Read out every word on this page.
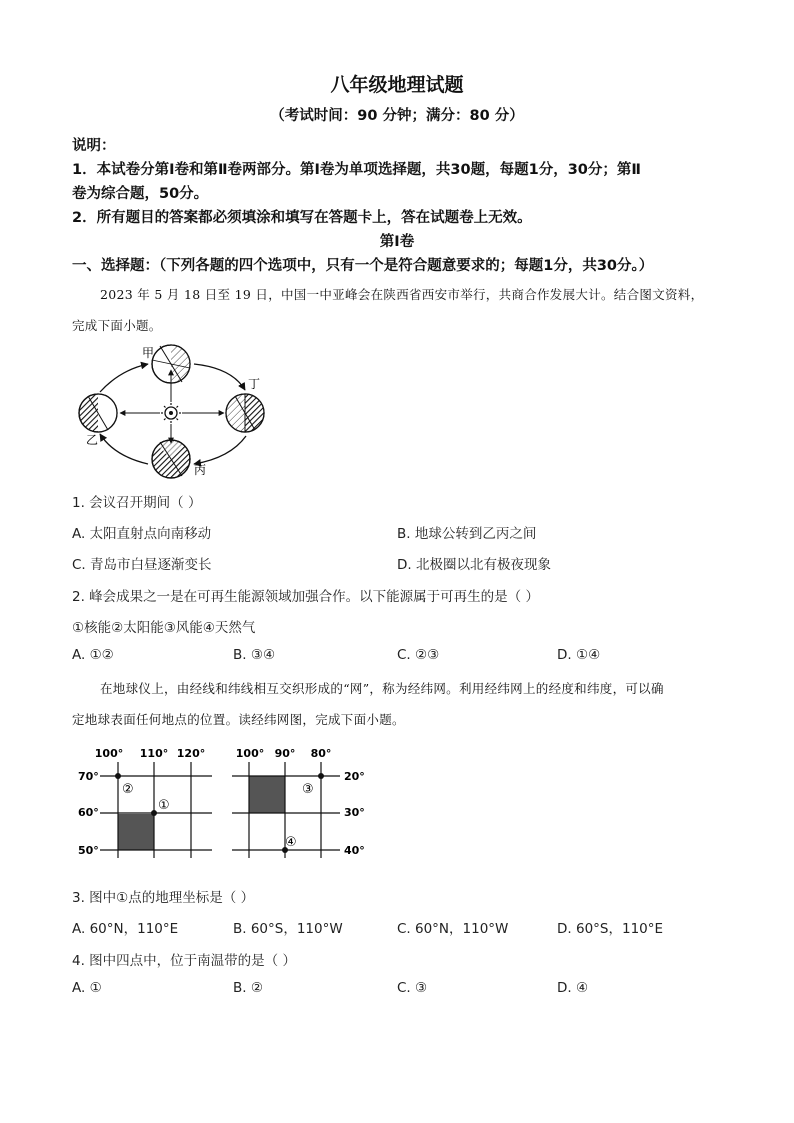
八年级地理试题
（考试时间：90 分钟；满分：80 分）
说明：
1．本试卷分第Ⅰ卷和第Ⅱ卷两部分。第Ⅰ卷为单项选择题，共30题，每题1分，30分；第Ⅱ
卷为综合题，50分。
2．所有题目的答案都必须填涂和填写在答题卡上，答在试题卷上无效。
第Ⅰ卷
一、选择题：（下列各题的四个选项中，只有一个是符合题意要求的；每题1分，共30分。）
2023 年 5 月 18 日至 19 日，中国一中亚峰会在陕西省西安市举行，共商合作发展大计。结合图文资料，
完成下面小题。
甲
乙
丙
丁
1. 会议召开期间（ ）
A. 太阳直射点向南移动	B. 地球公转到乙丙之间
C. 青岛市白昼逐渐变长	D. 北极圈以北有极夜现象
2. 峰会成果之一是在可再生能源领域加强合作。以下能源属于可再生的是（ ）
①核能②太阳能③风能④天然气
A. ①②	B. ③④	C. ②③	D. ①④
在地球仪上，由经线和纬线相互交织形成的“网”，称为经纬网。利用经纬网上的经度和纬度，可以确
定地球表面任何地点的位置。读经纬网图，完成下面小题。
100° 110° 120°
70°
60°
50°
②
①
100° 90° 80°
20°
30°
40°
③
④
3. 图中①点的地理坐标是（ ）
A. 60°N，110°E	B. 60°S，110°W	C. 60°N，110°W	D. 60°S，110°E
4. 图中四点中，位于南温带的是（ ）
A. ①	B. ②	C. ③	D. ④
